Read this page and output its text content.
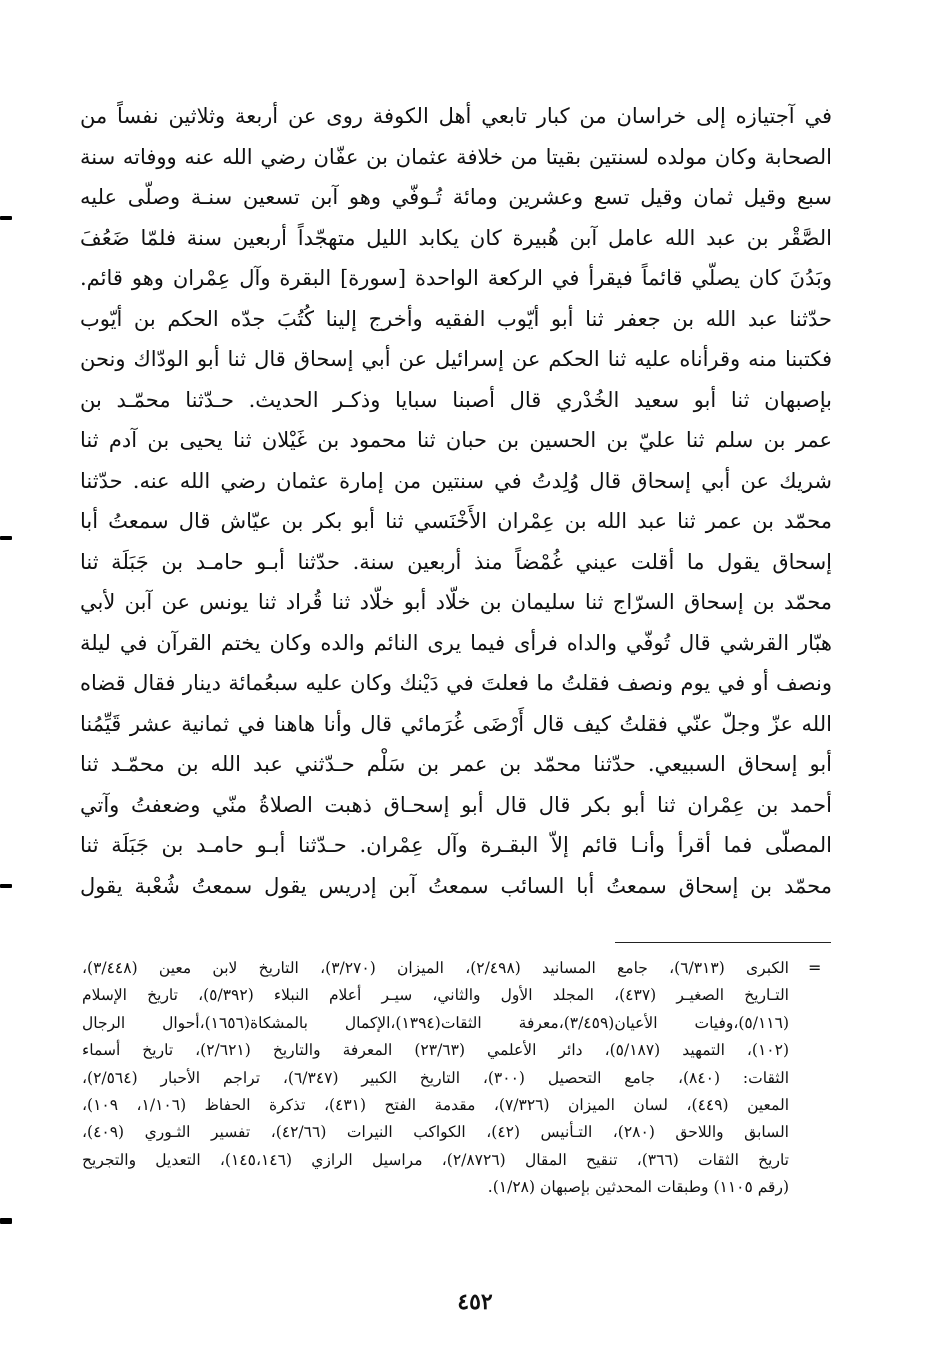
في آجتيازه إلى خراسان من كبار تابعي أهل الكوفة روى عن أربعة وثلاثين نفساً من
الصحابة وكان مولده لسنتين بقيتا من خلافة عثمان بن عفّان رضي الله عنه ووفاته سنة
سبع وقيل ثمان وقيل تسع وعشرين ومائة تُـوفّي وهو آبن تسعين سنـة وصلّى عليه
الصَّقْر بن عبد الله عامل آبن هُبيرة كان يكابد الليل متهجّداً أربعين سنة فلمّا ضَعُفَ
وبَدُنَ كان يصلّي قائماً فيقرأ في الركعة الواحدة [سورة] البقرة وآل عِمْران وهو قائم.
حدّثنا عبد الله بن جعفر ثنا أبو أيّوب الفقيه وأخرج إلينا كُتُبَ جدّه الحكم بن أيّوب
فكتبنا منه وقرأناه عليه ثنا الحكم عن إسرائيل عن أبي إسحاق قال ثنا أبو الودّاك ونحن
بإصبهان ثنا أبو سعيد الخُدْري قال أصبنا سبايا وذكـر الحديث. حـدّثنا محمّـد بن
عمر بن سلم ثنا عليّ بن الحسين بن حبان ثنا محمود بن غَيْلان ثنا يحيى بن آدم ثنا
شريك عن أبي إسحاق قال وُلِدتُ في سنتين من إمارة عثمان رضي الله عنه. حدّثنا
محمّد بن عمر ثنا عبد الله بن عِمْران الأَخْنَسي ثنا أبو بكر بن عيّاش قال سمعتُ أبا
إسحاق يقول ما أقلت عيني غُمْضاً منذ أربعين سنة. حدّثنا أبـو حامـد بن جَبَلَة ثنا
محمّد بن إسحاق السرّاج ثنا سليمان بن خلّاد أبو خلّاد ثنا قُراد ثنا يونس عن آبن لأبي
هبّار القرشي قال تُوفّي والداه فرأى فيما يرى النائم والده وكان يختم القرآن في ليلة
ونصف أو في يوم ونصف فقلتُ ما فعلتَ في دَيْنك وكان عليه سبعُمائة دينار فقال قضاه
الله عزّ وجلّ عنّي فقلتُ كيف قال أَرْضَى غُرَمائي قال وأنا هاهنا في ثمانية عشر قَيِّمُنا
أبو إسحاق السبيعي. حدّثنا محمّد بن عمر بن سَلْم حـدّثني عبد الله بن محمّـد ثنا
أحمد بن عِمْران ثنا أبو بكر قال قال أبو إسحـاق ذهبت الصلاةُ منّي وضعفتُ وآتي
المصلّى فما أقرأ وأنـا قائم إلاّ البقـرة وآل عِمْران. حـدّثنا أبـو حامـد بن جَبَلَة ثنا
محمّد بن إسحاق سمعتُ أبا السائب سمعتُ آبن إدريس يقول سمعتُ شُعْبة يقول
=
الكبرى (٦/٣١٣)، جامع المسانيد (٢/٤٩٨)، الميزان (٣/٢٧٠)، التاريخ لابن معين (٣/٤٤٨)،
التـاريخ الصغيـر (٤٣٧)، المجلد الأول والثاني، سيـر أعلام النبلاء (٥/٣٩٢)، تاريخ الإسلام
(٥/١١٦)،وفيات الأعيان(٣/٤٥٩)،معرفة الثقات(١٣٩٤)،الإكمال بالمشكاة(١٦٥٦)،أحوال الرجال
(١٠٢)، التمهيد (٥/١٨٧)، دائر الأعلمي (٢٣/٦٣) المعرفة والتاريخ (٢/٦٢١)، تاريخ أسماء
الثقات: (٨٤٠)، جامع التحصيل (٣٠٠)، التاريخ الكبير (٦/٣٤٧)، تراجم الأحبار (٢/٥٦٤)،
المعين (٤٤٩)، لسان الميزان (٧/٣٢٦)، مقدمة الفتح (٤٣١)، تذكرة الحفاظ (١/١٠٦، ١٠٩)،
السابق واللاحق (٢٨٠)، التـأنيس (٤٢)، الكواكب النيرات (٤٢/٦٦)، تفسير الثـوري (٤٠٩)،
تاريخ الثقات (٣٦٦)، تنقيح المقال (٢/٨٧٢٦)، مراسيل الرازي (١٤٥،١٤٦)، التعديل والتجريح
(رقم ١١٠٥) وطبقات المحدثين بإصبهان (١/٢٨).
٤٥٢
